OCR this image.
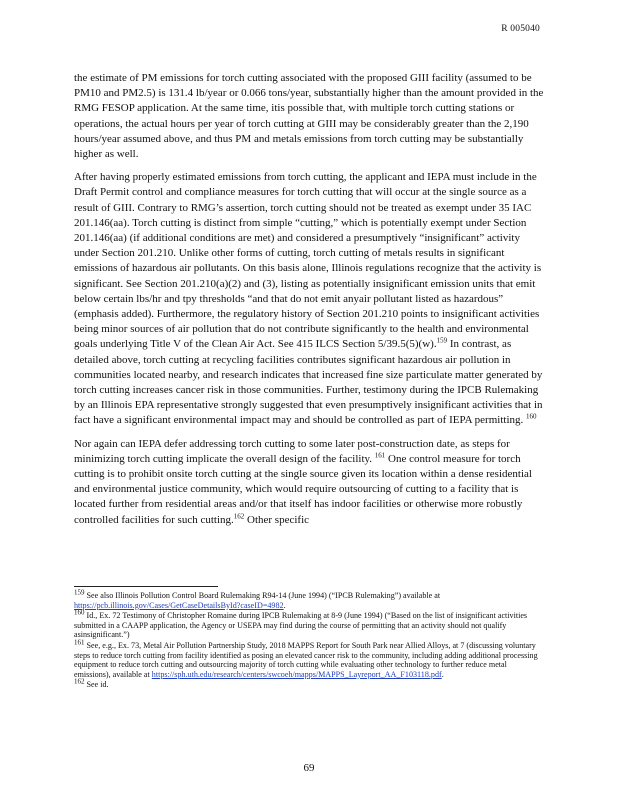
R 005040

the estimate of PM emissions for torch cutting associated with the proposed GIII facility (assumed to be PM10 and PM2.5) is 131.4 lb/year or 0.066 tons/year, substantially higher than the amount provided in the RMG FESOP application. At the same time, itis possible that, with multiple torch cutting stations or operations, the actual hours per year of torch cutting at GIII may be considerably greater than the 2,190 hours/year assumed above, and thus PM and metals emissions from torch cutting may be substantially higher as well.

After having properly estimated emissions from torch cutting, the applicant and IEPA must include in the Draft Permit control and compliance measures for torch cutting that will occur at the single source as a result of GIII. Contrary to RMG’s assertion, torch cutting should not be treated as exempt under 35 IAC 201.146(aa). Torch cutting is distinct from simple “cutting,” which is potentially exempt under Section 201.146(aa) (if additional conditions are met) and considered a presumptively “insignificant” activity under Section 201.210. Unlike other forms of cutting, torch cutting of metals results in significant emissions of hazardous air pollutants. On this basis alone, Illinois regulations recognize that the activity is significant. See Section 201.210(a)(2) and (3), listing as potentially insignificant emission units that emit below certain lbs/hr and tpy thresholds “and that do not emit anyair pollutant listed as hazardous” (emphasis added). Furthermore, the regulatory history of Section 201.210 points to insignificant activities being minor sources of air pollution that do not contribute significantly to the health and environmental goals underlying Title V of the Clean Air Act. See 415 ILCS Section 5/39.5(5)(w).$^{159}$ In contrast, as detailed above, torch cutting at recycling facilities contributes significant hazardous air pollution in communities located nearby, and research indicates that increased fine size particulate matter generated by torch cutting increases cancer risk in those communities. Further, testimony during the IPCB Rulemaking by an Illinois EPA representative strongly suggested that even presumptively insignificant activities that in fact have a significant environmental impact may and should be controlled as part of IEPA permitting. $^{160}$

Nor again can IEPA defer addressing torch cutting to some later post-construction date, as steps for minimizing torch cutting implicate the overall design of the facility. $^{161}$ One control measure for torch cutting is to prohibit onsite torch cutting at the single source given its location within a dense residential and environmental justice community, which would require outsourcing of cutting to a facility that is located further from residential areas and/or that itself has indoor facilities or otherwise more robustly controlled facilities for such cutting.$^{162}$ Other specific

$^{159}$ See also Illinois Pollution Control Board Rulemaking R94-14 (June 1994) (“IPCB Rulemaking”) available at https://pcb.illinois.gov/Cases/GetCaseDetailsById?caseID=4982.
$^{160}$ Id., Ex. 72 Testimony of Christopher Romaine during IPCB Rulemaking at 8-9 (June 1994) (“Based on the list of insignificant activities submitted in a CAAPP application, the Agency or USEPA may find during the course of permitting that an activity should not qualify asinsignificant.”)
$^{161}$ See, e.g., Ex. 73, Metal Air Pollution Partnership Study, 2018 MAPPS Report for South Park near Allied Alloys, at 7 (discussing voluntary steps to reduce torch cutting from facility identified as posing an elevated cancer risk to the community, including adding additional processing equipment to reduce torch cutting and outsourcing majority of torch cutting while evaluating other technology to further reduce metal emissions), available at https://sph.uth.edu/research/centers/swcoeh/mapps/MAPPS_Layreport_AA_F103118.pdf.
$^{162}$ See id.
69
